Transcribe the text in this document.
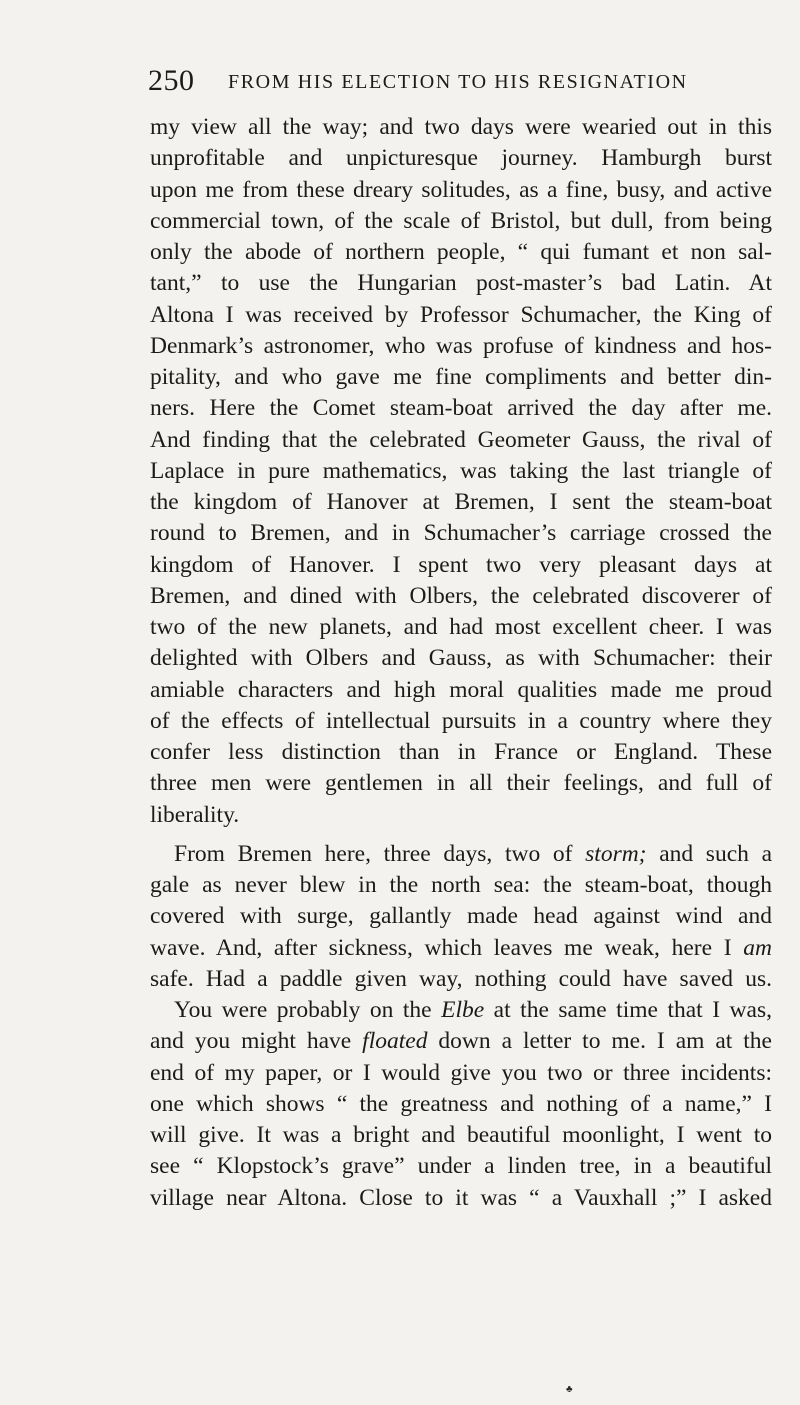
250 FROM HIS ELECTION TO HIS RESIGNATION
my view all the way; and two days were wearied out in this
unprofitable and unpicturesque journey. Hamburgh burst
upon me from these dreary solitudes, as a fine, busy, and active
commercial town, of the scale of Bristol, but dull, from being
only the abode of northern people, “ qui fumant et non sal-
tant,” to use the Hungarian post-master’s bad Latin. At
Altona I was received by Professor Schumacher, the King of
Denmark’s astronomer, who was profuse of kindness and hos-
pitality, and who gave me fine compliments and better din-
ners. Here the Comet steam-boat arrived the day after me.
And finding that the celebrated Geometer Gauss, the rival of
Laplace in pure mathematics, was taking the last triangle of
the kingdom of Hanover at Bremen, I sent the steam-boat
round to Bremen, and in Schumacher’s carriage crossed the
kingdom of Hanover. I spent two very pleasant days at
Bremen, and dined with Olbers, the celebrated discoverer of
two of the new planets, and had most excellent cheer. I was
delighted with Olbers and Gauss, as with Schumacher: their
amiable characters and high moral qualities made me proud
of the effects of intellectual pursuits in a country where they
confer less distinction than in France or England. These
three men were gentlemen in all their feelings, and full of
liberality.
From Bremen here, three days, two of storm; and such a
gale as never blew in the north sea: the steam-boat, though
covered with surge, gallantly made head against wind and
wave. And, after sickness, which leaves me weak, here I am
safe. Had a paddle given way, nothing could have saved us.
You were probably on the Elbe at the same time that I was,
and you might have floated down a letter to me. I am at the
end of my paper, or I would give you two or three incidents:
one which shows “ the greatness and nothing of a name,” I
will give. It was a bright and beautiful moonlight, I went to
see “ Klopstock’s grave” under a linden tree, in a beautiful
village near Altona. Close to it was “ a Vauxhall ;” I asked
♣
